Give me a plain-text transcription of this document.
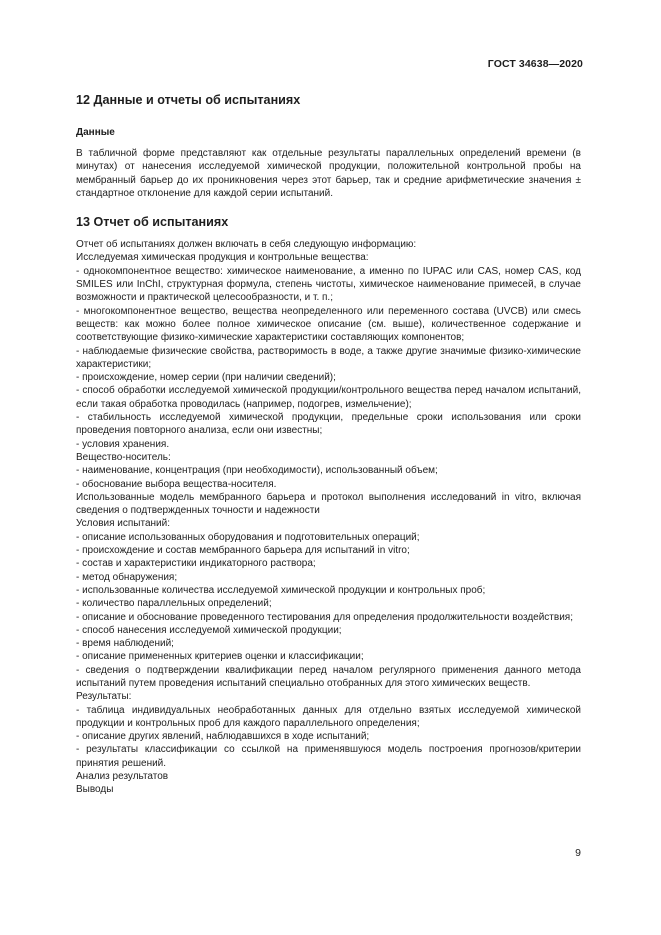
ГОСТ 34638—2020
12 Данные и отчеты об испытаниях
Данные

В табличной форме представляют как отдельные результаты параллельных определений времени (в минутах) от нанесения исследуемой химической продукции, положительной контрольной пробы на мембранный барьер до их проникновения через этот барьер, так и средние арифметические значения ± стандартное отклонение для каждой серии испытаний.

13 Отчет об испытаниях

Отчет об испытаниях должен включать в себя следующую информацию:

Исследуемая химическая продукция и контрольные вещества:

- однокомпонентное вещество: химическое наименование, а именно по IUPAC или CAS, номер CAS, код SMILES или InChI, структурная формула, степень чистоты, химическое наименование примесей, в случае возможности и практической целесообразности, и т. п.;

- многокомпонентное вещество, вещества неопределенного или переменного состава (UVCB) или смесь веществ: как можно более полное химическое описание (см. выше), количественное содержание и соответствующие физико-химические характеристики составляющих компонентов;

- наблюдаемые физические свойства, растворимость в воде, а также другие значимые физико-химические характеристики;

- происхождение, номер серии (при наличии сведений);

- способ обработки исследуемой химической продукции/контрольного вещества перед началом испытаний, если такая обработка проводилась (например, подогрев, измельчение);

- стабильность исследуемой химической продукции, предельные сроки использования или сроки проведения повторного анализа, если они известны;

- условия хранения.

Вещество-носитель:

- наименование, концентрация (при необходимости), использованный объем;

- обоснование выбора вещества-носителя.

Использованные модель мембранного барьера и протокол выполнения исследований in vitro, включая сведения о подтвержденных точности и надежности

Условия испытаний:

- описание использованных оборудования и подготовительных операций;

- происхождение и состав мембранного барьера для испытаний in vitro;

- состав и характеристики индикаторного раствора;

- метод обнаружения;

- использованные количества исследуемой химической продукции и контрольных проб;

- количество параллельных определений;

- описание и обоснование проведенного тестирования для определения продолжительности воздействия;

- способ нанесения исследуемой химической продукции;

- время наблюдений;

- описание примененных критериев оценки и классификации;

- сведения о подтверждении квалификации перед началом регулярного применения данного метода испытаний путем проведения испытаний специально отобранных для этого химических веществ.

Результаты:

- таблица индивидуальных необработанных данных для отдельно взятых исследуемой химической продукции и контрольных проб для каждого параллельного определения;

- описание других явлений, наблюдавшихся в ходе испытаний;

- результаты классификации со ссылкой на применявшуюся модель построения прогнозов/критерии принятия решений.

Анализ результатов

Выводы

9
